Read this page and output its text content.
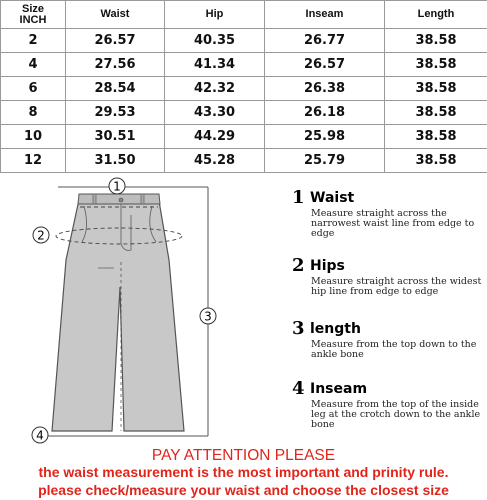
Size
INCH	Waist	Hip	Inseam	Length
2	26.57	40.35	26.77	38.58
4	27.56	41.34	26.57	38.58
6	28.54	42.32	26.38	38.58
8	29.53	43.30	26.18	38.58
10	30.51	44.29	25.98	38.58
12	31.50	45.28	25.79	38.58
1
2
3
4
1 Waist
Measure straight across the narrowest waist line from edge to edge
2 Hips
Measure straight across the widest hip line from edge to edge
3 length
Measure from the top down to the ankle bone
4 Inseam
Measure from the top of the inside leg at the crotch down to the ankle bone
PAY ATTENTION PLEASE
the waist measurement is the most important and prinity rule.
please check/measure your waist and choose the closest size
